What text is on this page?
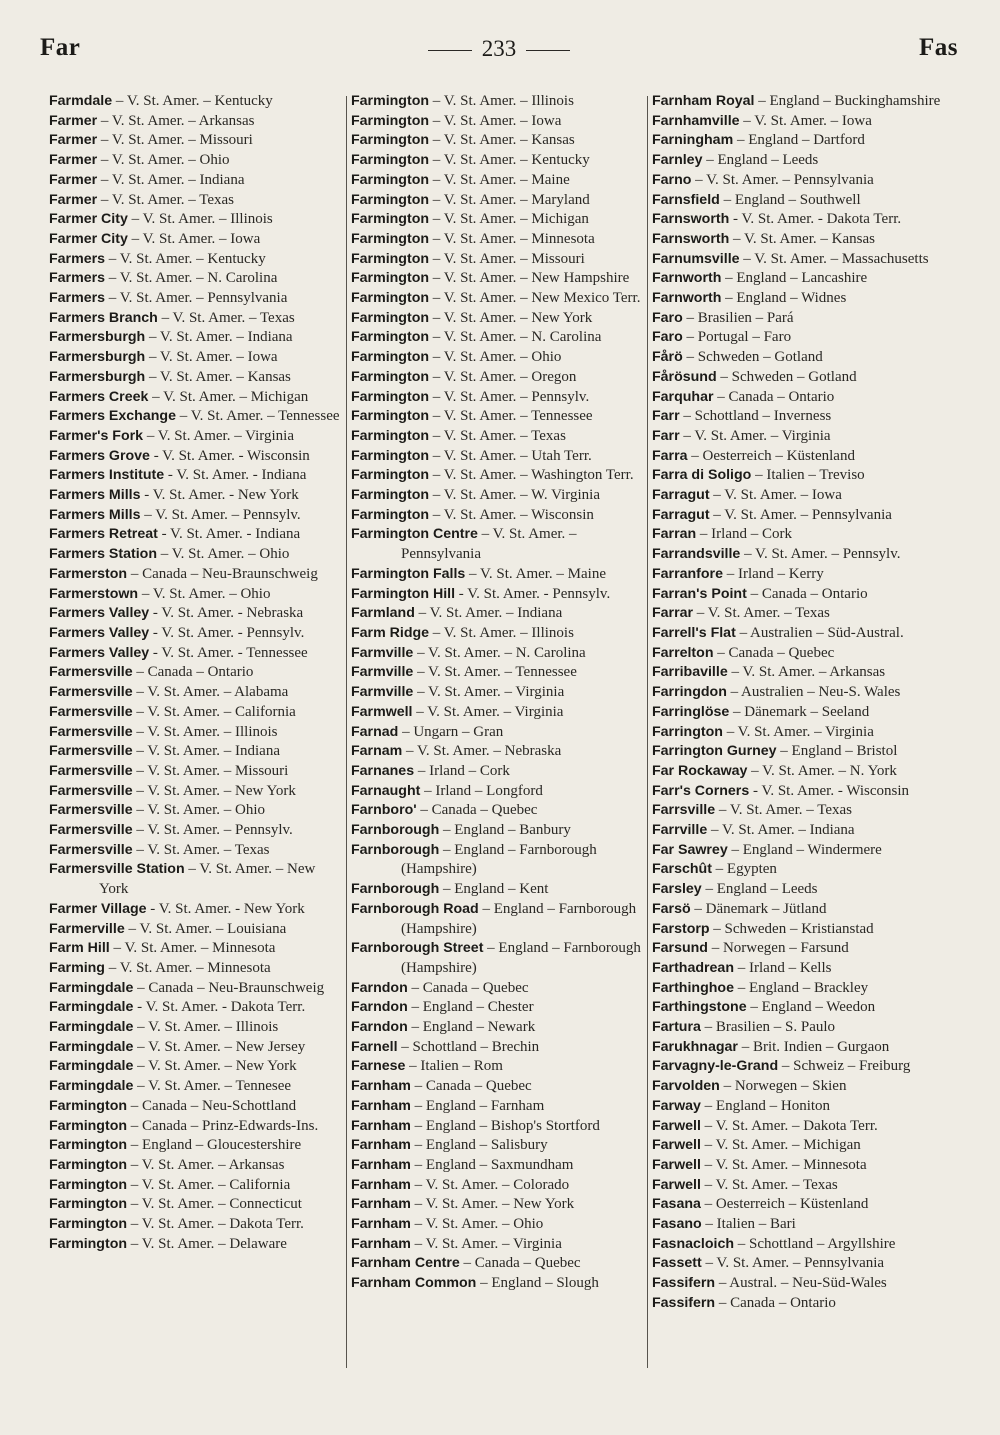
Far	233	Fas
Farmdale – V. St. Amer. – Kentucky
Farmer – V. St. Amer. – Arkansas
Farmer – V. St. Amer. – Missouri
Farmer – V. St. Amer. – Ohio
Farmer – V. St. Amer. – Indiana
Farmer – V. St. Amer. – Texas
Farmer City – V. St. Amer. – Illinois
Farmer City – V. St. Amer. – Iowa
Farmers – V. St. Amer. – Kentucky
Farmers – V. St. Amer. – N. Carolina
Farmers – V. St. Amer. – Pennsylvania
Farmers Branch – V. St. Amer. – Texas
Farmersburgh – V. St. Amer. – Indiana
Farmersburgh – V. St. Amer. – Iowa
Farmersburgh – V. St. Amer. – Kansas
Farmers Creek – V. St. Amer. – Michigan
Farmers Exchange – V. St. Amer. – Tennessee
Farmer's Fork – V. St. Amer. – Virginia
Farmers Grove - V. St. Amer. - Wisconsin
Farmers Institute - V. St. Amer. - Indiana
Farmers Mills - V. St. Amer. - New York
Farmers Mills – V. St. Amer. – Pennsylv.
Farmers Retreat - V. St. Amer. - Indiana
Farmers Station – V. St. Amer. – Ohio
Farmerston – Canada – Neu-Braunschweig
Farmerstown – V. St. Amer. – Ohio
Farmers Valley - V. St. Amer. - Nebraska
Farmers Valley - V. St. Amer. - Pennsylv.
Farmers Valley - V. St. Amer. - Tennessee
Farmersville – Canada – Ontario
Farmersville – V. St. Amer. – Alabama
Farmersville – V. St. Amer. – California
Farmersville – V. St. Amer. – Illinois
Farmersville – V. St. Amer. – Indiana
Farmersville – V. St. Amer. – Missouri
Farmersville – V. St. Amer. – New York
Farmersville – V. St. Amer. – Ohio
Farmersville – V. St. Amer. – Pennsylv.
Farmersville – V. St. Amer. – Texas
Farmersville Station – V. St. Amer. – New York
Farmer Village - V. St. Amer. - New York
Farmerville – V. St. Amer. – Louisiana
Farm Hill – V. St. Amer. – Minnesota
Farming – V. St. Amer. – Minnesota
Farmingdale – Canada – Neu-Braunschweig
Farmingdale - V. St. Amer. - Dakota Terr.
Farmingdale – V. St. Amer. – Illinois
Farmingdale – V. St. Amer. – New Jersey
Farmingdale – V. St. Amer. – New York
Farmingdale – V. St. Amer. – Tennesee
Farmington – Canada – Neu-Schottland
Farmington – Canada – Prinz-Edwards-Ins.
Farmington – England – Gloucestershire
Farmington – V. St. Amer. – Arkansas
Farmington – V. St. Amer. – California
Farmington – V. St. Amer. – Connecticut
Farmington – V. St. Amer. – Dakota Terr.
Farmington – V. St. Amer. – Delaware
Farmington – V. St. Amer. – Illinois
Farmington – V. St. Amer. – Iowa
Farmington – V. St. Amer. – Kansas
Farmington – V. St. Amer. – Kentucky
Farmington – V. St. Amer. – Maine
Farmington – V. St. Amer. – Maryland
Farmington – V. St. Amer. – Michigan
Farmington – V. St. Amer. – Minnesota
Farmington – V. St. Amer. – Missouri
Farmington – V. St. Amer. – New Hampshire
Farmington – V. St. Amer. – New Mexico Terr.
Farmington – V. St. Amer. – New York
Farmington – V. St. Amer. – N. Carolina
Farmington – V. St. Amer. – Ohio
Farmington – V. St. Amer. – Oregon
Farmington – V. St. Amer. – Pennsylv.
Farmington – V. St. Amer. – Tennessee
Farmington – V. St. Amer. – Texas
Farmington – V. St. Amer. – Utah Terr.
Farmington – V. St. Amer. – Washington Terr.
Farmington – V. St. Amer. – W. Virginia
Farmington – V. St. Amer. – Wisconsin
Farmington Centre – V. St. Amer. – Pennsylvania
Farmington Falls – V. St. Amer. – Maine
Farmington Hill - V. St. Amer. - Pennsylv.
Farmland – V. St. Amer. – Indiana
Farm Ridge – V. St. Amer. – Illinois
Farmville – V. St. Amer. – N. Carolina
Farmville – V. St. Amer. – Tennessee
Farmville – V. St. Amer. – Virginia
Farmwell – V. St. Amer. – Virginia
Farnad – Ungarn – Gran
Farnam – V. St. Amer. – Nebraska
Farnanes – Irland – Cork
Farnaught – Irland – Longford
Farnboro' – Canada – Quebec
Farnborough – England – Banbury
Farnborough – England – Farnborough (Hampshire)
Farnborough – England – Kent
Farnborough Road – England – Farnborough (Hampshire)
Farnborough Street – England – Farnborough (Hampshire)
Farndon – Canada – Quebec
Farndon – England – Chester
Farndon – England – Newark
Farnell – Schottland – Brechin
Farnese – Italien – Rom
Farnham – Canada – Quebec
Farnham – England – Farnham
Farnham – England – Bishop's Stortford
Farnham – England – Salisbury
Farnham – England – Saxmundham
Farnham – V. St. Amer. – Colorado
Farnham – V. St. Amer. – New York
Farnham – V. St. Amer. – Ohio
Farnham – V. St. Amer. – Virginia
Farnham Centre – Canada – Quebec
Farnham Common – England – Slough
Farnham Royal – England – Buckinghamshire
Farnhamville – V. St. Amer. – Iowa
Farningham – England – Dartford
Farnley – England – Leeds
Farno – V. St. Amer. – Pennsylvania
Farnsfield – England – Southwell
Farnsworth - V. St. Amer. - Dakota Terr.
Farnsworth – V. St. Amer. – Kansas
Farnumsville – V. St. Amer. – Massachusetts
Farnworth – England – Lancashire
Farnworth – England – Widnes
Faro – Brasilien – Pará
Faro – Portugal – Faro
Fårö – Schweden – Gotland
Fårösund – Schweden – Gotland
Farquhar – Canada – Ontario
Farr – Schottland – Inverness
Farr – V. St. Amer. – Virginia
Farra – Oesterreich – Küstenland
Farra di Soligo – Italien – Treviso
Farragut – V. St. Amer. – Iowa
Farragut – V. St. Amer. – Pennsylvania
Farran – Irland – Cork
Farrandsville – V. St. Amer. – Pennsylv.
Farranfore – Irland – Kerry
Farran's Point – Canada – Ontario
Farrar – V. St. Amer. – Texas
Farrell's Flat – Australien – Süd-Austral.
Farrelton – Canada – Quebec
Farribaville – V. St. Amer. – Arkansas
Farringdon – Australien – Neu-S. Wales
Farringlöse – Dänemark – Seeland
Farrington – V. St. Amer. – Virginia
Farrington Gurney – England – Bristol
Far Rockaway – V. St. Amer. – N. York
Farr's Corners - V. St. Amer. - Wisconsin
Farrsville – V. St. Amer. – Texas
Farrville – V. St. Amer. – Indiana
Far Sawrey – England – Windermere
Farschût – Egypten
Farsley – England – Leeds
Farsö – Dänemark – Jütland
Farstorp – Schweden – Kristianstad
Farsund – Norwegen – Farsund
Farthadrean – Irland – Kells
Farthinghoe – England – Brackley
Farthingstone – England – Weedon
Fartura – Brasilien – S. Paulo
Farukhnagar – Brit. Indien – Gurgaon
Farvagny-le-Grand – Schweiz – Freiburg
Farvolden – Norwegen – Skien
Farway – England – Honiton
Farwell – V. St. Amer. – Dakota Terr.
Farwell – V. St. Amer. – Michigan
Farwell – V. St. Amer. – Minnesota
Farwell – V. St. Amer. – Texas
Fasana – Oesterreich – Küstenland
Fasano – Italien – Bari
Fasnacloich – Schottland – Argyllshire
Fassett – V. St. Amer. – Pennsylvania
Fassifern – Austral. – Neu-Süd-Wales
Fassifern – Canada – Ontario
